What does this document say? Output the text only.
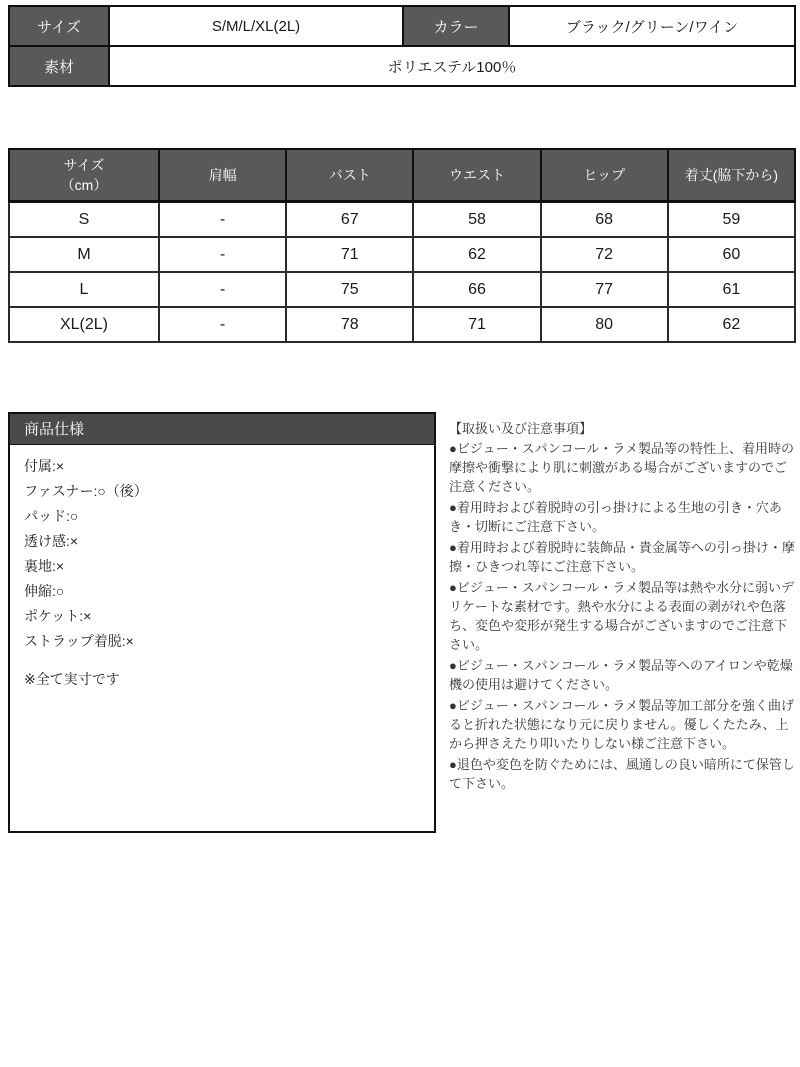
サイズ	S/M/L/XL(2L)	カラー	ブラック/グリーン/ワイン
素材	ポリエステル100％		
サイズ
（cm）	肩幅	バスト	ウエスト	ヒップ	着丈(脇下から)
S	-	67	58	68	59
M	-	71	62	72	60
L	-	75	66	77	61
XL(2L)	-	78	71	80	62
商品仕様
付属:×
ファスナー:○（後）
パッド:○
透け感:×
裏地:×
伸縮:○
ポケット:×
ストラップ着脱:×
※全て実寸です
【取扱い及び注意事項】

●ビジュー・スパンコール・ラメ製品等の特性上、着用時の摩擦や衝撃により肌に刺激がある場合がございますのでご注意ください。

●着用時および着脱時の引っ掛けによる生地の引き・穴あき・切断にご注意下さい。

●着用時および着脱時に装飾品・貴金属等への引っ掛け・摩擦・ひきつれ等にご注意下さい。

●ビジュー・スパンコール・ラメ製品等は熱や水分に弱いデリケートな素材です。熱や水分による表面の剥がれや色落ち、変色や変形が発生する場合がございますのでご注意下さい。

●ビジュー・スパンコール・ラメ製品等へのアイロンや乾燥機の使用は避けてください。

●ビジュー・スパンコール・ラメ製品等加工部分を強く曲げると折れた状態になり元に戻りません。優しくたたみ、上から押さえたり叩いたりしない様ご注意下さい。

●退色や変色を防ぐためには、風通しの良い暗所にて保管して下さい。
